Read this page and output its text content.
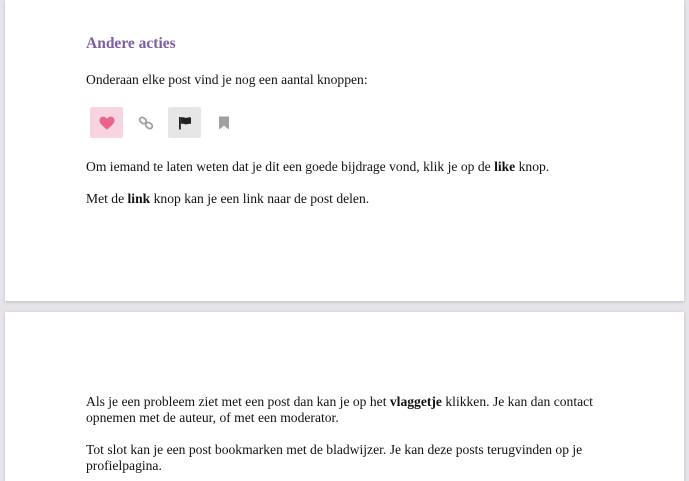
Andere acties
Onderaan elke post vind je nog een aantal knoppen:
Om iemand te laten weten dat je dit een goede bijdrage vond, klik je op de like knop.
Met de link knop kan je een link naar de post delen.
Als je een probleem ziet met een post dan kan je op het vlaggetje klikken. Je kan dan contact opnemen met de auteur, of met een moderator.
Tot slot kan je een post bookmarken met de bladwijzer. Je kan deze posts terugvinden op je profielpagina.
